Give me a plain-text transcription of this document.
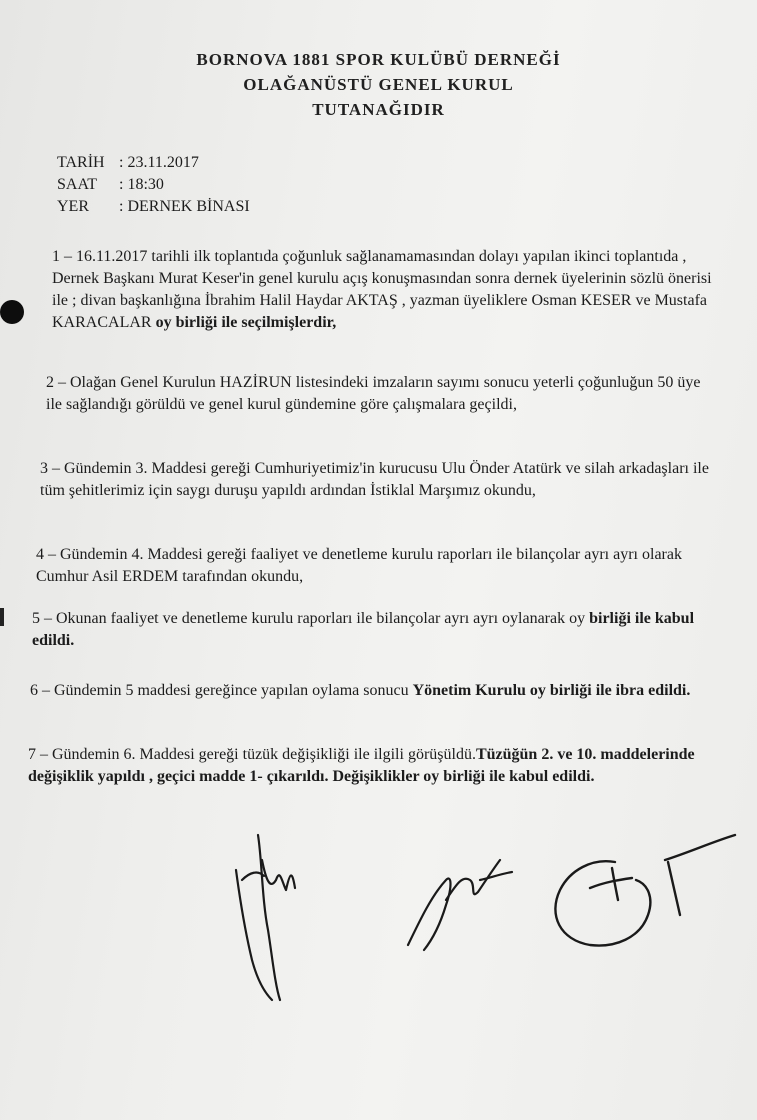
BORNOVA 1881 SPOR KULÜBÜ DERNEĞİ
OLAĞANÜSTÜ GENEL KURUL
TUTANAĞIDIR
TARİH : 23.11.2017
SAAT : 18:30
YER : DERNEK BİNASI

1 – 16.11.2017 tarihli ilk toplantıda çoğunluk sağlanamamasından dolayı yapılan ikinci toplantıda , Dernek Başkanı Murat Keser'in genel kurulu açış konuşmasından sonra dernek üyelerinin sözlü önerisi ile ; divan başkanlığına İbrahim Halil Haydar AKTAŞ , yazman üyeliklere Osman KESER ve Mustafa KARACALAR oy birliği ile seçilmişlerdir,

2 – Olağan Genel Kurulun HAZİRUN listesindeki imzaların sayımı sonucu yeterli çoğunluğun 50 üye ile sağlandığı görüldü ve genel kurul gündemine göre çalışmalara geçildi,

3 – Gündemin 3. Maddesi gereği Cumhuriyetimiz'in kurucusu Ulu Önder Atatürk ve silah arkadaşları ile tüm şehitlerimiz için saygı duruşu yapıldı ardından İstiklal Marşımız okundu,

4 – Gündemin 4. Maddesi gereği faaliyet ve denetleme kurulu raporları ile bilançolar ayrı ayrı olarak Cumhur Asil ERDEM tarafından okundu,

5 – Okunan faaliyet ve denetleme kurulu raporları ile bilançolar ayrı ayrı oylanarak oy birliği ile kabul edildi.

6 – Gündemin 5 maddesi gereğince yapılan oylama sonucu Yönetim Kurulu oy birliği ile ibra edildi.

7 – Gündemin 6. Maddesi gereği tüzük değişikliği ile ilgili görüşüldü.Tüzüğün 2. ve 10. maddelerinde değişiklik yapıldı , geçici madde 1- çıkarıldı. Değişiklikler oy birliği ile kabul edildi.
